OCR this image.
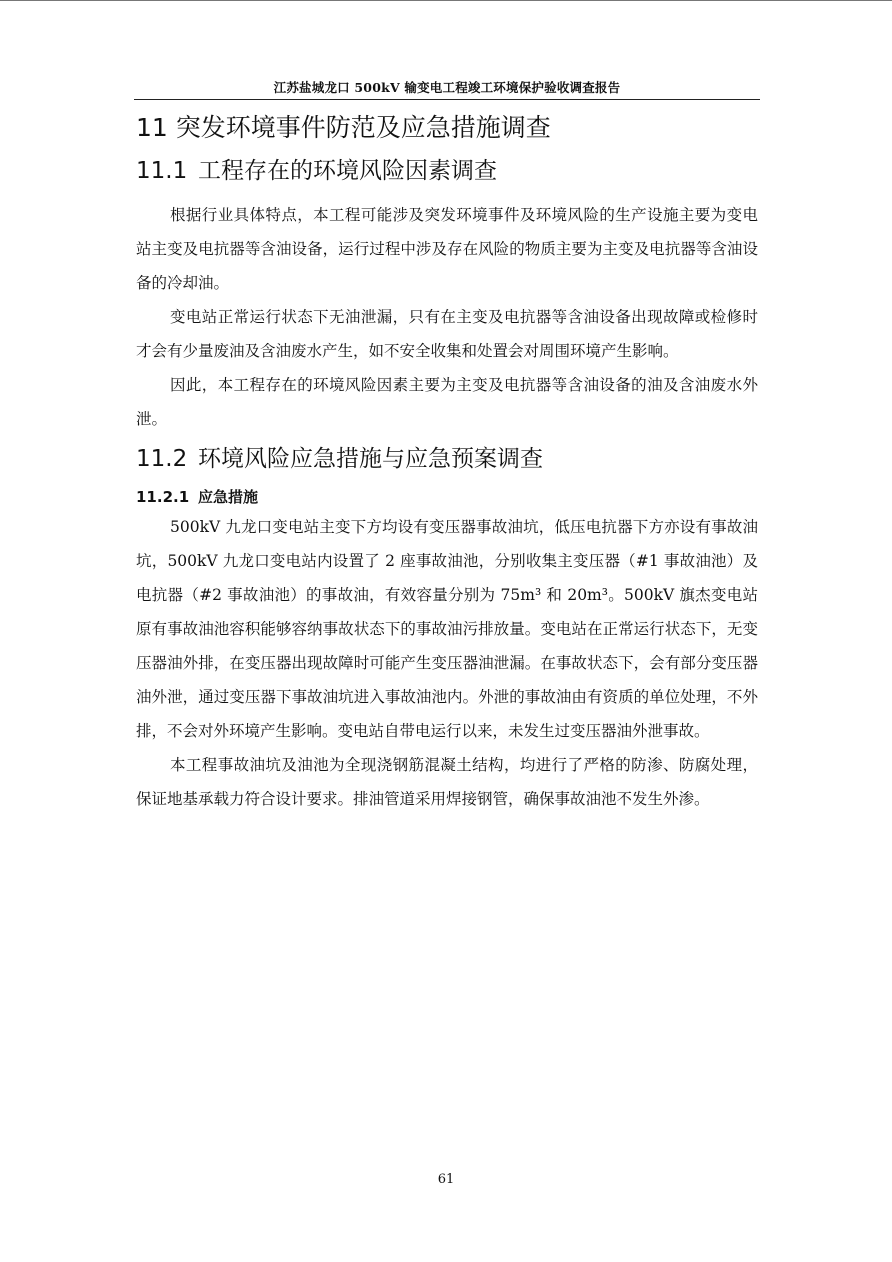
江苏盐城龙口 500kV 输变电工程竣工环境保护验收调查报告
11 突发环境事件防范及应急措施调查
11.1 工程存在的环境风险因素调查

根据行业具体特点，本工程可能涉及突发环境事件及环境风险的生产设施主要为变电站主变及电抗器等含油设备，运行过程中涉及存在风险的物质主要为主变及电抗器等含油设备的冷却油。

变电站正常运行状态下无油泄漏，只有在主变及电抗器等含油设备出现故障或检修时才会有少量废油及含油废水产生，如不安全收集和处置会对周围环境产生影响。

因此，本工程存在的环境风险因素主要为主变及电抗器等含油设备的油及含油废水外泄。

11.2 环境风险应急措施与应急预案调查
11.2.1 应急措施

500kV 九龙口变电站主变下方均设有变压器事故油坑，低压电抗器下方亦设有事故油坑，500kV 九龙口变电站内设置了 2 座事故油池，分别收集主变压器（#1 事故油池）及电抗器（#2 事故油池）的事故油，有效容量分别为 75m³ 和 20m³。500kV 旗杰变电站原有事故油池容积能够容纳事故状态下的事故油污排放量。变电站在正常运行状态下，无变压器油外排，在变压器出现故障时可能产生变压器油泄漏。在事故状态下，会有部分变压器油外泄，通过变压器下事故油坑进入事故油池内。外泄的事故油由有资质的单位处理，不外排，不会对外环境产生影响。变电站自带电运行以来，未发生过变压器油外泄事故。

本工程事故油坑及油池为全现浇钢筋混凝土结构，均进行了严格的防渗、防腐处理，保证地基承载力符合设计要求。排油管道采用焊接钢管，确保事故油池不发生外渗。

61
